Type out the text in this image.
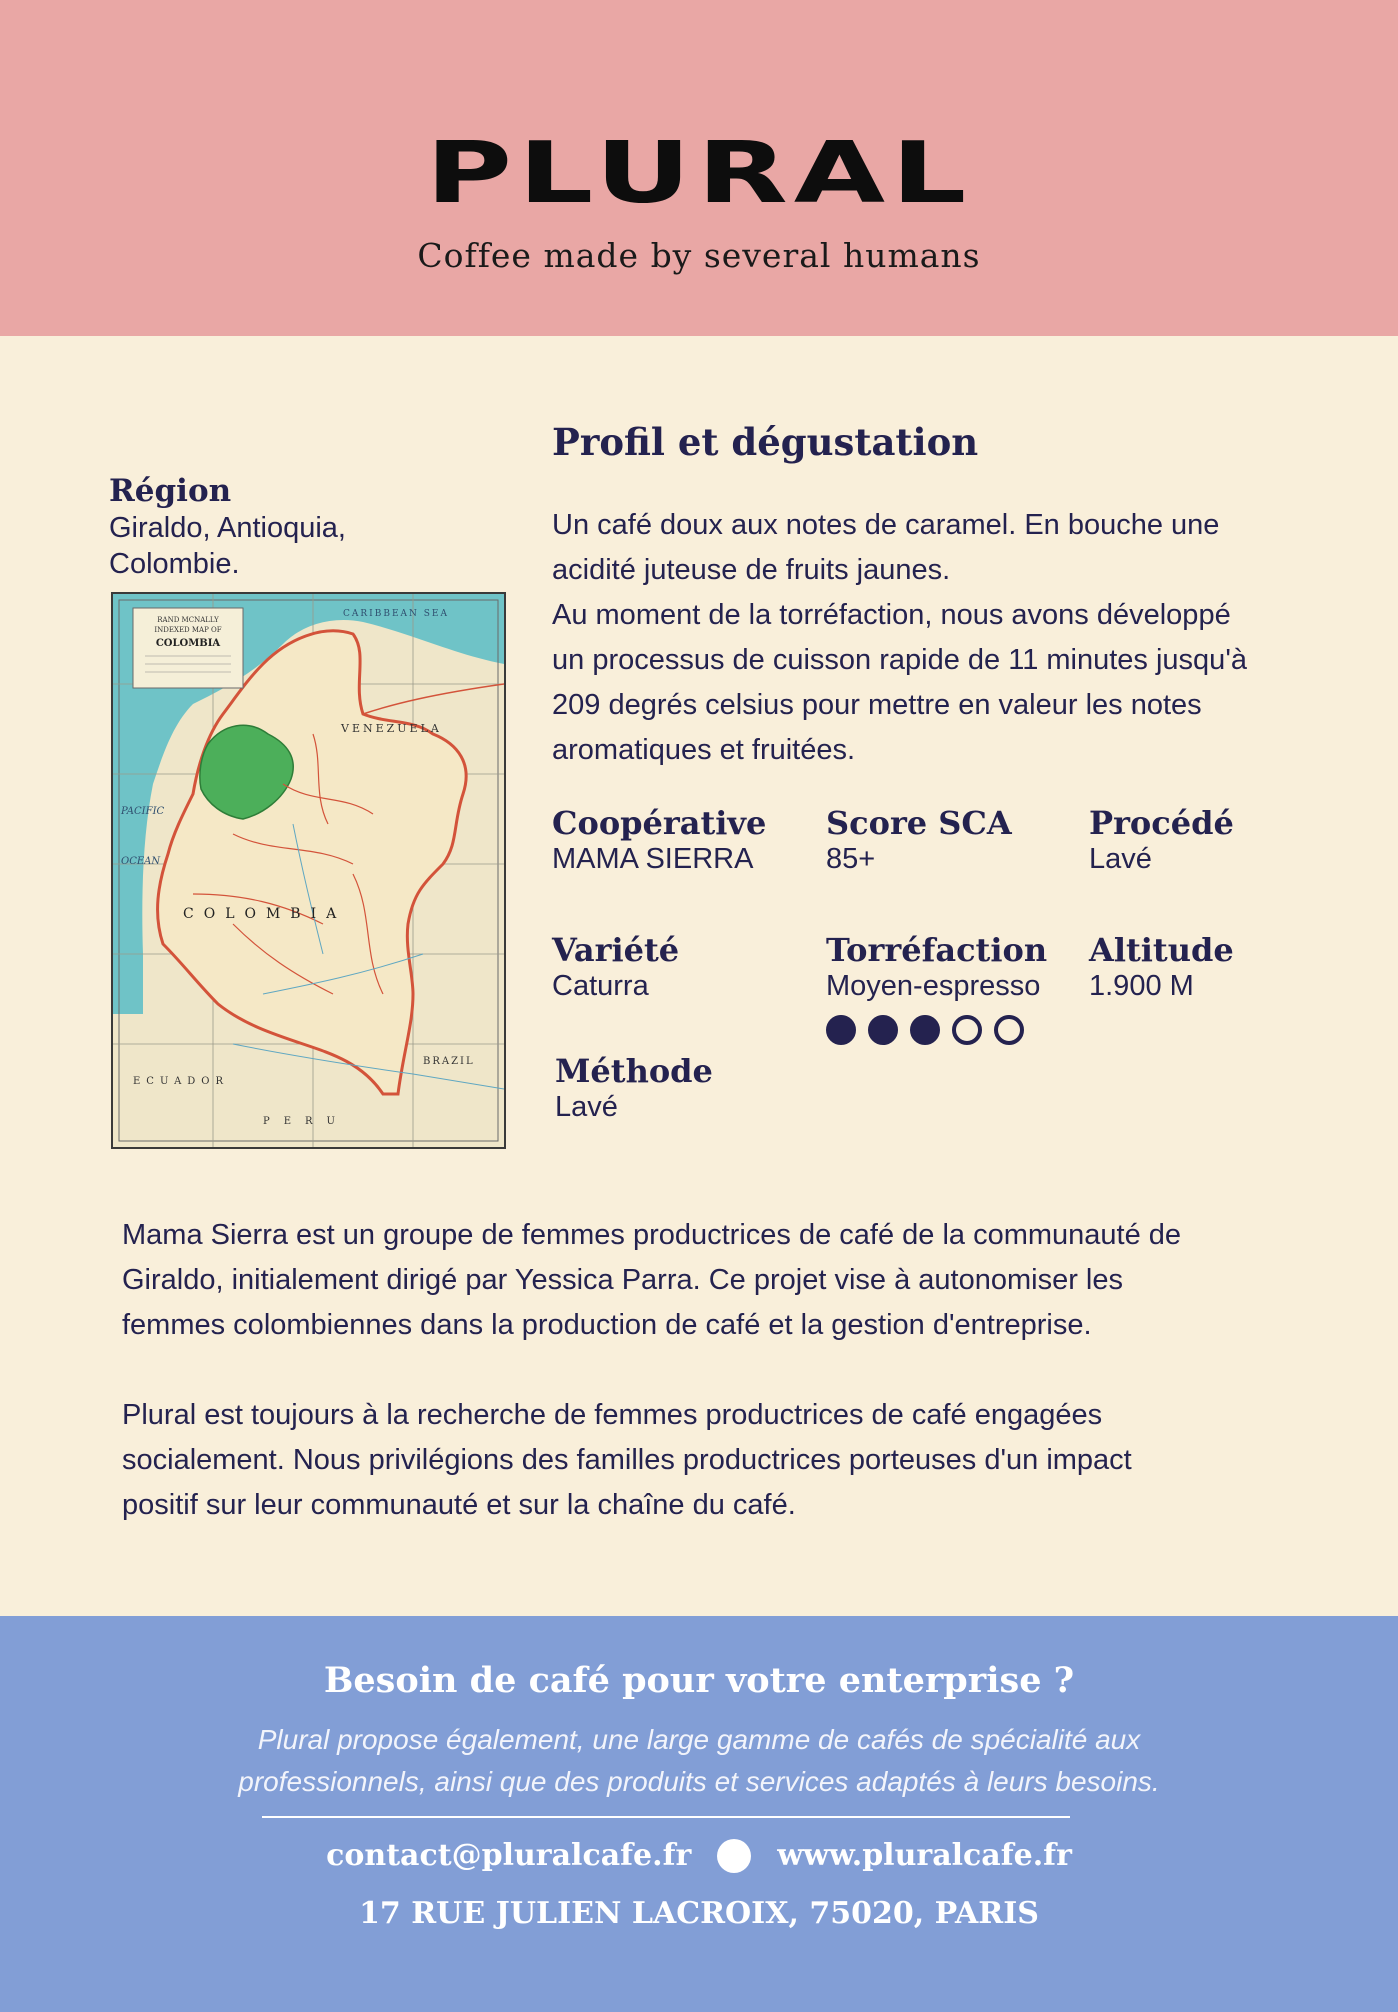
PLURAL
Coffee made by several humans
Région
Giraldo, Antioquia, Colombie.
RAND MCNALLY
INDEXED MAP OF
COLOMBIA
CARIBBEAN SEA
VENEZUELA
PACIFIC
OCEAN
COLOMBIA
BRAZIL
ECUADOR
PERU
Profil et dégustation
Un café doux aux notes de caramel. En bouche une
acidité juteuse de fruits jaunes.
Au moment de la torréfaction, nous avons développé
un processus de cuisson rapide de 11 minutes jusqu'à
209 degrés celsius pour mettre en valeur les notes
aromatiques et fruitées.
Coopérative
MAMA SIERRA
Score SCA
85+
Procédé
Lavé
Variété
Caturra
Torréfaction
Moyen-espresso
Altitude
1.900 M
Méthode
Lavé
Mama Sierra est un groupe de femmes productrices de café de la communauté de
Giraldo, initialement dirigé par Yessica Parra. Ce projet vise à autonomiser les
femmes colombiennes dans la production de café et la gestion d'entreprise.
Plural est toujours à la recherche de femmes productrices de café engagées
socialement. Nous privilégions des familles productrices porteuses d'un impact
positif sur leur communauté et sur la chaîne du café.
Besoin de café pour votre enterprise ?
Plural propose également, une large gamme de cafés de spécialité aux
professionnels, ainsi que des produits et services adaptés à leurs besoins.
contact@pluralcafe.fr	www.pluralcafe.fr
17 RUE JULIEN LACROIX, 75020, PARIS
